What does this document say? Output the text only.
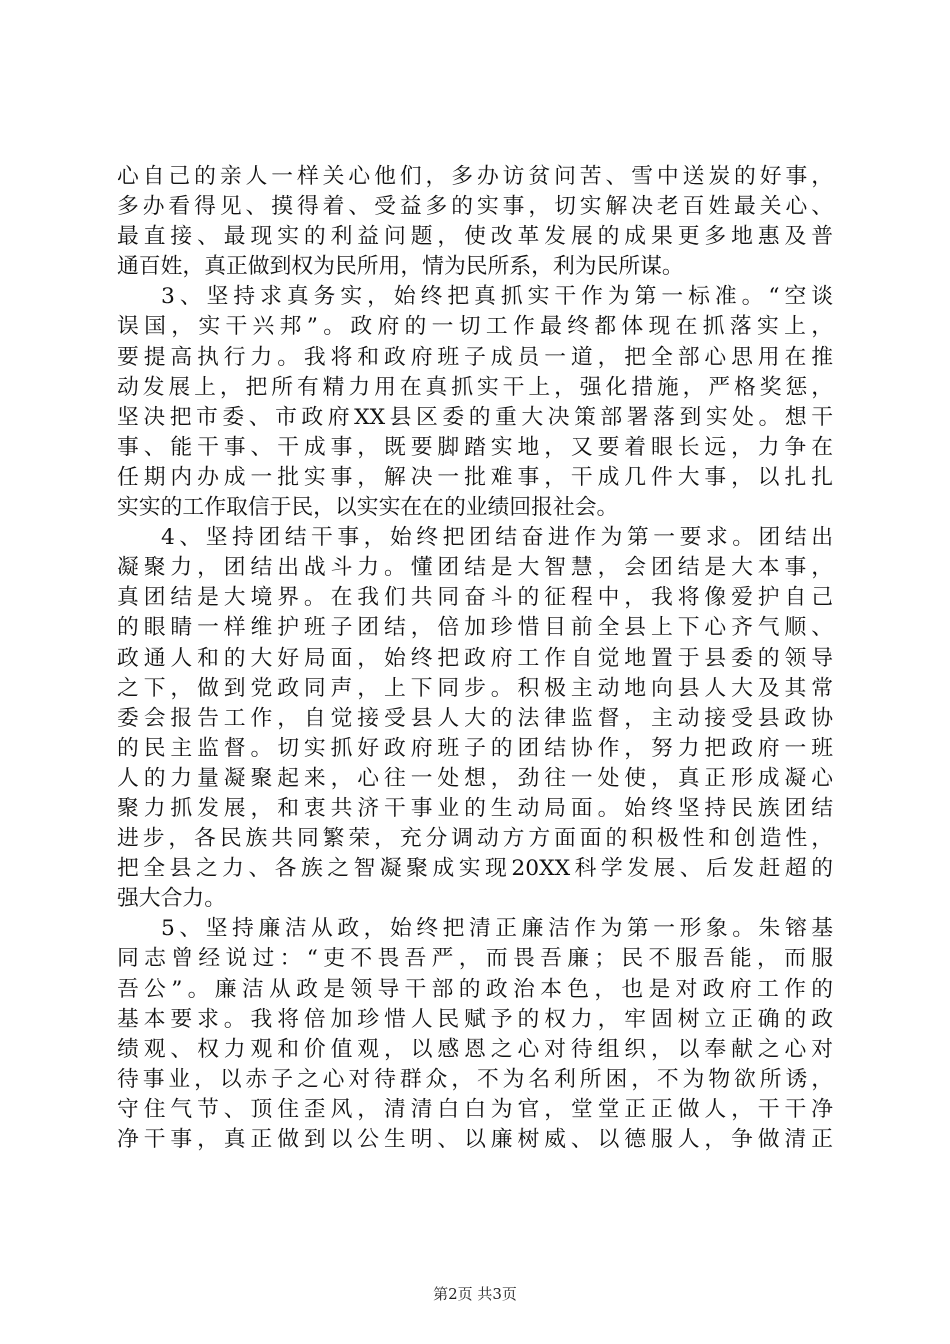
心自己的亲人一样关心他们，多办访贫问苦、雪中送炭的好事，
多办看得见、摸得着、受益多的实事，切实解决老百姓最关心、
最直接、最现实的利益问题，使改革发展的成果更多地惠及普
通百姓，真正做到权为民所用，情为民所系，利为民所谋。
3、坚持求真务实，始终把真抓实干作为第一标准。“空谈
误国，实干兴邦”。政府的一切工作最终都体现在抓落实上，
要提高执行力。我将和政府班子成员一道，把全部心思用在推
动发展上，把所有精力用在真抓实干上，强化措施，严格奖惩，
坚决把市委、市政府XX县区委的重大决策部署落到实处。想干
事、能干事、干成事，既要脚踏实地，又要着眼长远，力争在
任期内办成一批实事，解决一批难事，干成几件大事，以扎扎
实实的工作取信于民，以实实在在的业绩回报社会。
4、坚持团结干事，始终把团结奋进作为第一要求。团结出
凝聚力，团结出战斗力。懂团结是大智慧，会团结是大本事，
真团结是大境界。在我们共同奋斗的征程中，我将像爱护自己
的眼睛一样维护班子团结，倍加珍惜目前全县上下心齐气顺、
政通人和的大好局面，始终把政府工作自觉地置于县委的领导
之下，做到党政同声，上下同步。积极主动地向县人大及其常
委会报告工作，自觉接受县人大的法律监督，主动接受县政协
的民主监督。切实抓好政府班子的团结协作，努力把政府一班
人的力量凝聚起来，心往一处想，劲往一处使，真正形成凝心
聚力抓发展，和衷共济干事业的生动局面。始终坚持民族团结
进步，各民族共同繁荣，充分调动方方面面的积极性和创造性，
把全县之力、各族之智凝聚成实现20XX科学发展、后发赶超的
强大合力。
5、坚持廉洁从政，始终把清正廉洁作为第一形象。朱镕基
同志曾经说过：“吏不畏吾严，而畏吾廉；民不服吾能，而服
吾公”。廉洁从政是领导干部的政治本色，也是对政府工作的
基本要求。我将倍加珍惜人民赋予的权力，牢固树立正确的政
绩观、权力观和价值观，以感恩之心对待组织，以奉献之心对
待事业，以赤子之心对待群众，不为名利所困，不为物欲所诱，
守住气节、顶住歪风，清清白白为官，堂堂正正做人，干干净
净干事，真正做到以公生明、以廉树威、以德服人，争做清正
第2页 共3页
